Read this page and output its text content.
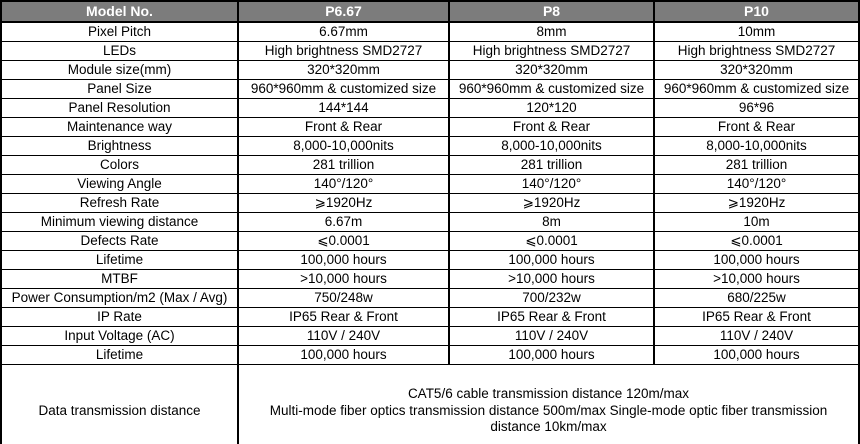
Model No.	P6.67	P8	P10
Pixel Pitch	6.67mm	8mm	10mm
LEDs	High brightness SMD2727	High brightness SMD2727	High brightness SMD2727
Module size(mm)	320*320mm	320*320mm	320*320mm
Panel Size	960*960mm & customized size	960*960mm & customized size	960*960mm & customized size
Panel Resolution	144*144	120*120	96*96
Maintenance way	Front & Rear	Front & Rear	Front & Rear
Brightness	8,000-10,000nits	8,000-10,000nits	8,000-10,000nits
Colors	281 trillion	281 trillion	281 trillion
Viewing Angle	140°/120°	140°/120°	140°/120°
Refresh Rate	⩾1920Hz	⩾1920Hz	⩾1920Hz
Minimum viewing distance	6.67m	8m	10m
Defects Rate	⩽0.0001	⩽0.0001	⩽0.0001
Lifetime	100,000 hours	100,000 hours	100,000 hours
MTBF	>10,000 hours	>10,000 hours	>10,000 hours
Power Consumption/m2 (Max / Avg)	750/248w	700/232w	680/225w
IP Rate	IP65 Rear & Front	IP65 Rear & Front	IP65 Rear & Front
Input Voltage (AC)	110V / 240V	110V / 240V	110V / 240V
Lifetime	100,000 hours	100,000 hours	100,000 hours
Data transmission distance	CAT5/6 cable transmission distance 120m/max
Multi-mode fiber optics transmission distance 500m/max Single-mode optic fiber transmission
distance 10km/max		
